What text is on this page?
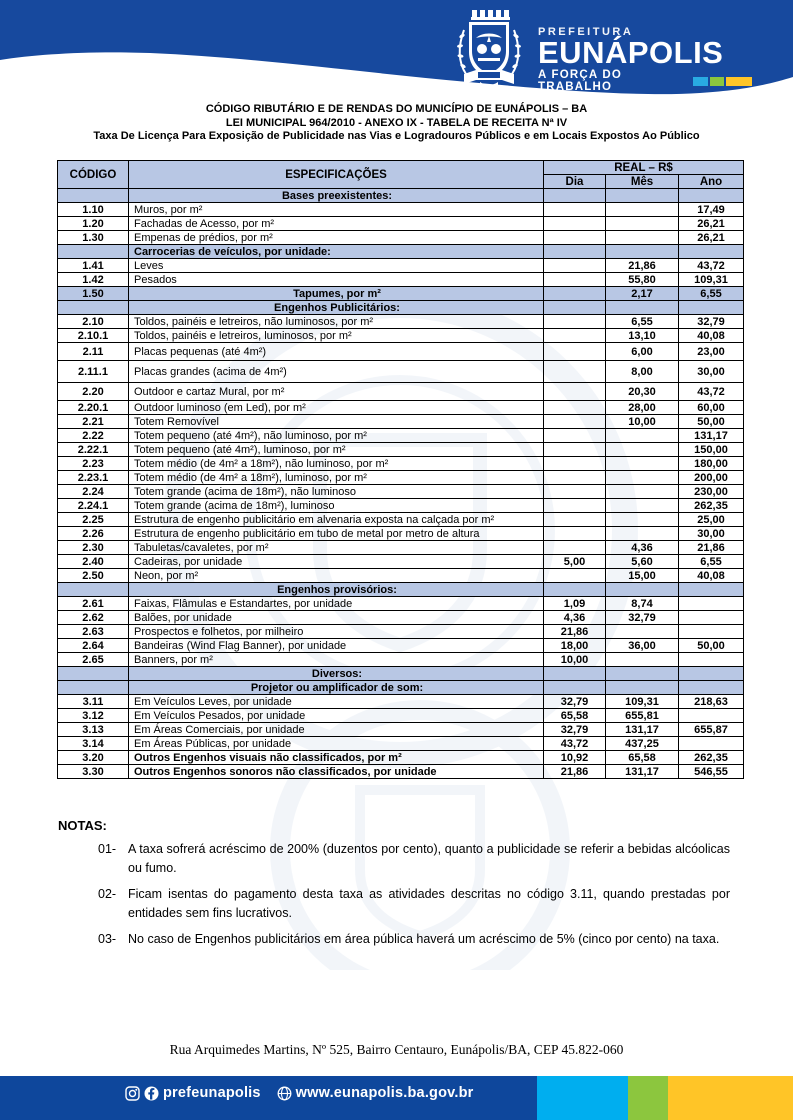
PREFEITURA
EUNÁPOLIS
A FORÇA DO TRABALHO
CÓDIGO RIBUTÁRIO E DE RENDAS DO MUNICÍPIO DE EUNÁPOLIS – BA
LEI MUNICIPAL 964/2010 - ANEXO IX - TABELA DE RECEITA Nª IV
Taxa De Licença Para Exposição de Publicidade nas Vias e Logradouros Públicos e em Locais Expostos Ao Público
CÓDIGO	ESPECIFICAÇÕES	REAL – R$		
		Dia	Mês	Ano
	Bases preexistentes:			
1.10	Muros, por m²			17,49
1.20	Fachadas de Acesso, por m²			26,21
1.30	Empenas de prédios, por m²			26,21
	Carrocerias de veículos, por unidade:			
1.41	Leves		21,86	43,72
1.42	Pesados		55,80	109,31
1.50	Tapumes, por m²		2,17	6,55
	Engenhos Publicitários:			
2.10	Toldos, painéis e letreiros, não luminosos, por m²		6,55	32,79
2.10.1	Toldos, painéis e letreiros, luminosos, por m²		13,10	40,08
2.11	Placas pequenas (até 4m²)		6,00	23,00
2.11.1	Placas grandes (acima de 4m²)		8,00	30,00
2.20	Outdoor e cartaz Mural, por m²		20,30	43,72
2.20.1	Outdoor luminoso (em Led), por m²		28,00	60,00
2.21	Totem Removível		10,00	50,00
2.22	Totem pequeno (até 4m²), não luminoso, por m²			131,17
2.22.1	Totem pequeno (até 4m²), luminoso, por m²			150,00
2.23	Totem médio (de 4m² a 18m²), não luminoso, por m²			180,00
2.23.1	Totem médio (de 4m² a 18m²), luminoso, por m²			200,00
2.24	Totem grande (acima de 18m²), não luminoso			230,00
2.24.1	Totem grande (acima de 18m²), luminoso			262,35
2.25	Estrutura de engenho publicitário em alvenaria exposta na calçada por m²			25,00
2.26	Estrutura de engenho publicitário em tubo de metal por metro de altura			30,00
2.30	Tabuletas/cavaletes, por m²		4,36	21,86
2.40	Cadeiras, por unidade	5,00	5,60	6,55
2.50	Neon, por m²		15,00	40,08
	Engenhos provisórios:			
2.61	Faixas, Flâmulas e Estandartes, por unidade	1,09	8,74	
2.62	Balões, por unidade	4,36	32,79	
2.63	Prospectos e folhetos, por milheiro	21,86		
2.64	Bandeiras (Wind Flag Banner), por unidade	18,00	36,00	50,00
2.65	Banners, por m²	10,00		
	Diversos:			
	Projetor ou amplificador de som:			
3.11	Em Veículos Leves, por unidade	32,79	109,31	218,63
3.12	Em Veículos Pesados, por unidade	65,58	655,81	
3.13	Em Áreas Comerciais, por unidade	32,79	131,17	655,87
3.14	Em Áreas Públicas, por unidade	43,72	437,25	
3.20	Outros Engenhos visuais não classificados, por m²	10,92	65,58	262,35
3.30	Outros Engenhos sonoros não classificados, por unidade	21,86	131,17	546,55
NOTAS:
01- A taxa sofrerá acréscimo de 200% (duzentos por cento), quanto a publicidade se referir a bebidas alcóolicas ou fumo.
02- Ficam isentas do pagamento desta taxa as atividades descritas no código 3.11, quando prestadas por entidades sem fins lucrativos.
03- No caso de Engenhos publicitários em área pública haverá um acréscimo de 5% (cinco por cento) na taxa.
Rua Arquimedes Martins, Nº 525, Bairro Centauro, Eunápolis/BA, CEP 45.822-060
prefeunapolis www.eunapolis.ba.gov.br
